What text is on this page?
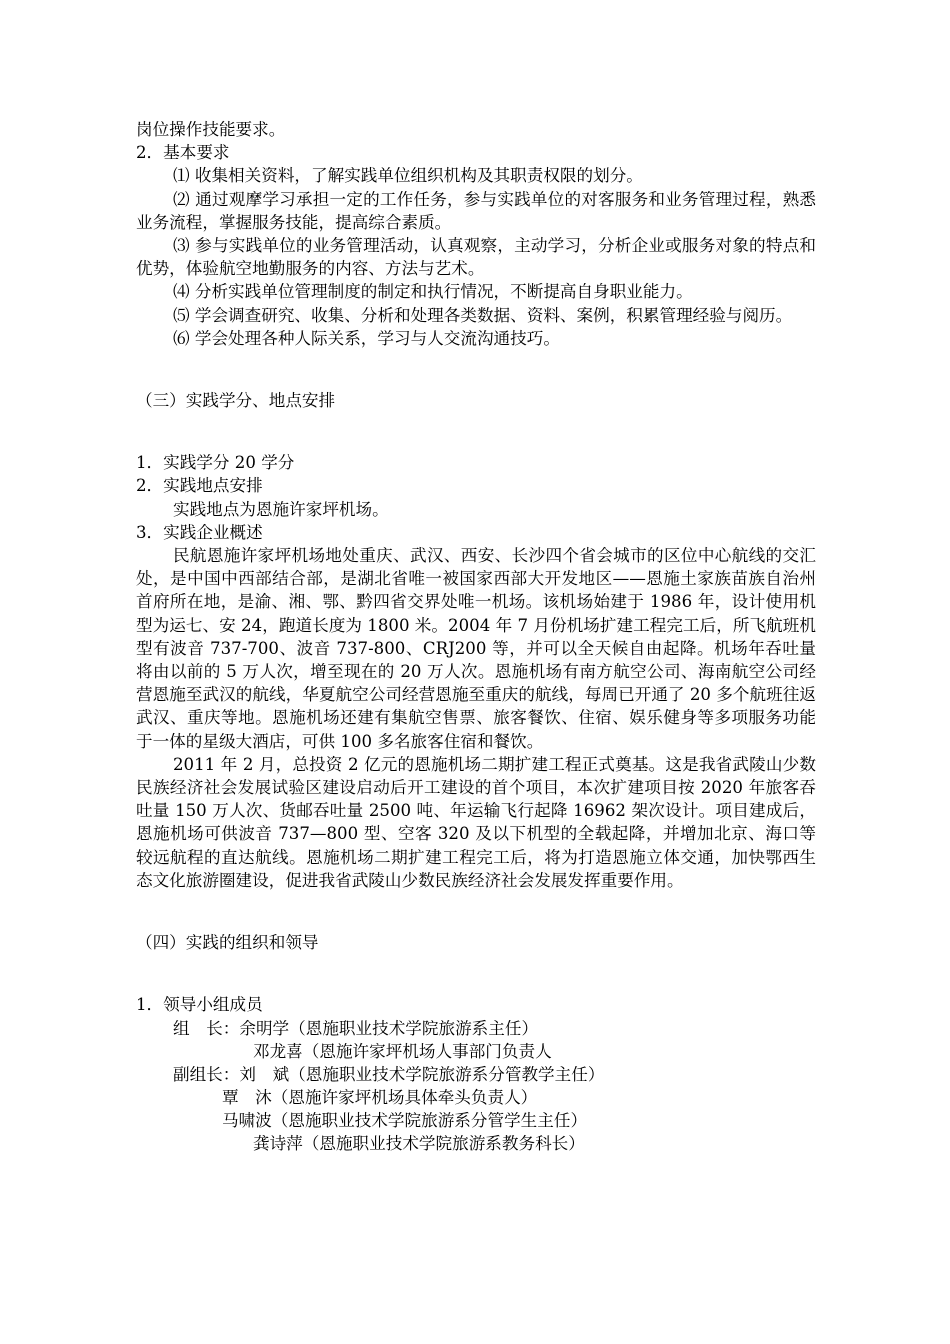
岗位操作技能要求。

2．基本要求

⑴ 收集相关资料，了解实践单位组织机构及其职责权限的划分。

⑵ 通过观摩学习承担一定的工作任务，参与实践单位的对客服务和业务管理过程，熟悉业务流程，掌握服务技能，提高综合素质。

⑶ 参与实践单位的业务管理活动，认真观察，主动学习，分析企业或服务对象的特点和优势，体验航空地勤服务的内容、方法与艺术。

⑷ 分析实践单位管理制度的制定和执行情况，不断提高自身职业能力。

⑸ 学会调查研究、收集、分析和处理各类数据、资料、案例，积累管理经验与阅历。

⑹ 学会处理各种人际关系，学习与人交流沟通技巧。

（三）实践学分、地点安排

1．实践学分 20 学分

2．实践地点安排

实践地点为恩施许家坪机场。

3．实践企业概述

民航恩施许家坪机场地处重庆、武汉、西安、长沙四个省会城市的区位中心航线的交汇处，是中国中西部结合部，是湖北省唯一被国家西部大开发地区——恩施土家族苗族自治州首府所在地，是渝、湘、鄂、黔四省交界处唯一机场。该机场始建于 1986 年，设计使用机型为运七、安 24，跑道长度为 1800 米。2004 年 7 月份机场扩建工程完工后，所飞航班机型有波音 737-700、波音 737-800、CRJ200 等，并可以全天候自由起降。机场年吞吐量将由以前的 5 万人次，增至现在的 20 万人次。恩施机场有南方航空公司、海南航空公司经营恩施至武汉的航线，华夏航空公司经营恩施至重庆的航线，每周已开通了 20 多个航班往返武汉、重庆等地。恩施机场还建有集航空售票、旅客餐饮、住宿、娱乐健身等多项服务功能于一体的星级大酒店，可供 100 多名旅客住宿和餐饮。

2011 年 2 月，总投资 2 亿元的恩施机场二期扩建工程正式奠基。这是我省武陵山少数民族经济社会发展试验区建设启动后开工建设的首个项目，本次扩建项目按 2020 年旅客吞吐量 150 万人次、货邮吞吐量 2500 吨、年运输飞行起降 16962 架次设计。项目建成后，恩施机场可供波音 737—800 型、空客 320 及以下机型的全载起降，并增加北京、海口等较远航程的直达航线。恩施机场二期扩建工程完工后，将为打造恩施立体交通，加快鄂西生态文化旅游圈建设，促进我省武陵山少数民族经济社会发展发挥重要作用。

（四）实践的组织和领导

1．领导小组成员

组　长：余明学（恩施职业技术学院旅游系主任）

邓龙喜（恩施许家坪机场人事部门负责人

副组长：刘　斌（恩施职业技术学院旅游系分管教学主任）

覃　沐（恩施许家坪机场具体牵头负责人）

马啸波（恩施职业技术学院旅游系分管学生主任）

龚诗萍（恩施职业技术学院旅游系教务科长）
